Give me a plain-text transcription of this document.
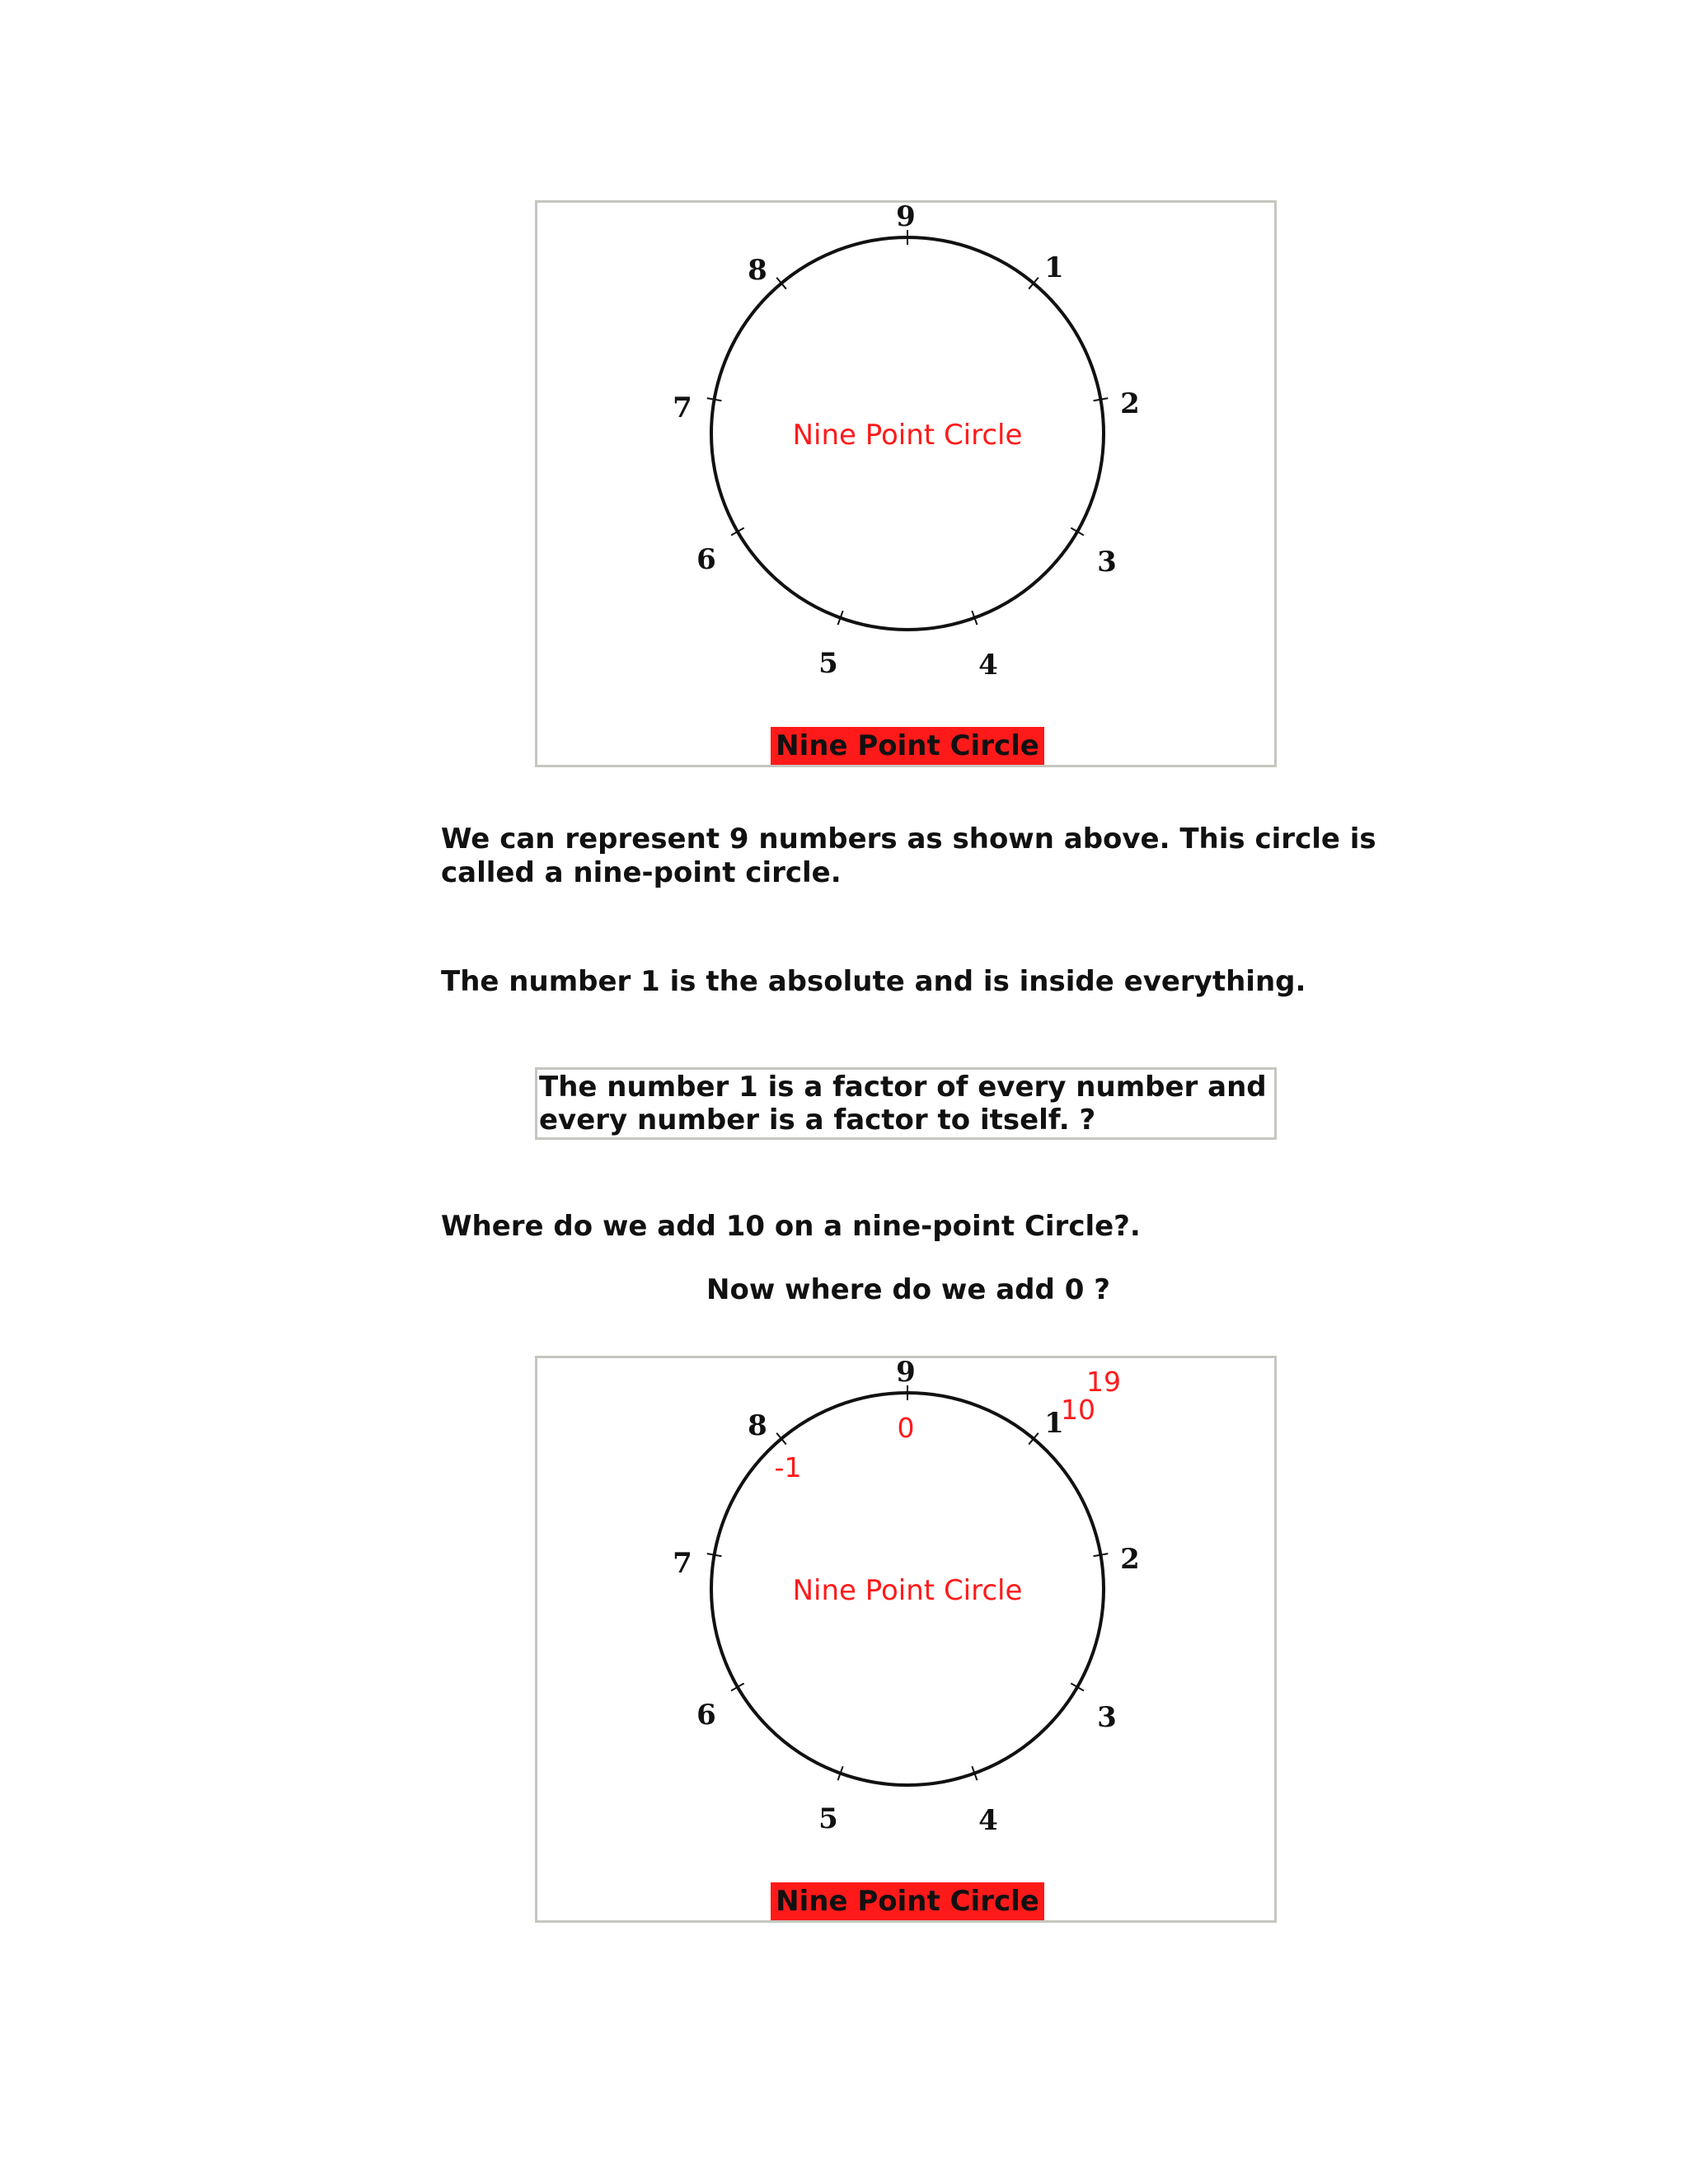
9
1
2
3
4
5
6
7
8
Nine Point Circle
Nine Point Circle

We can represent 9 numbers as shown above. This circle is called a nine-point circle.

The number 1 is the absolute and is inside everything.

The number 1 is a factor of every number and every number is a factor to itself. ?

Where do we add 10 on a nine-point Circle?.

Now where do we add 0 ?

9
1
2
3
4
5
6
7
8
Nine Point Circle
19
10
0
-1
Nine Point Circle
